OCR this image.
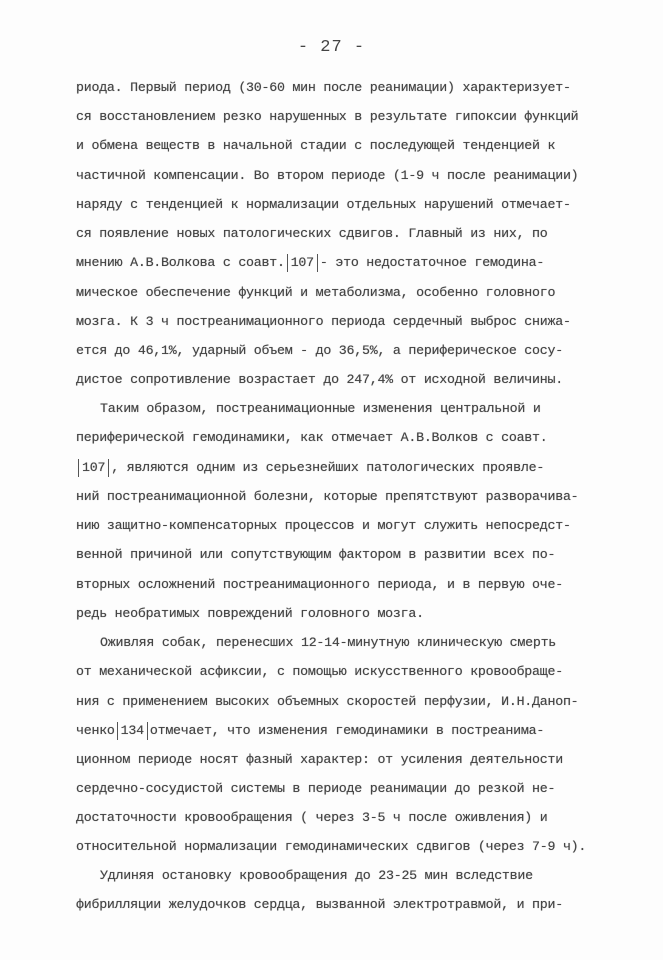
- 27 -
риода. Первый период (30-60 мин после реанимации) характеризует-
ся восстановлением резко нарушенных в результате гипоксии функций
и обмена веществ в начальной стадии с последующей тенденцией к
частичной компенсации. Во втором периоде (1-9 ч после реанимации)
наряду с тенденцией к нормализации отдельных нарушений отмечает-
ся появление новых патологических сдвигов. Главный из них, по
мнению А.В.Волкова с соавт. 107 - это недостаточное гемодина-
мическое обеспечение функций и метаболизма, особенно головного
мозга. К 3 ч постреанимационного периода сердечный выброс снижа-
ется до 46,1%, ударный объем - до 36,5%, а периферическое сосу-
дистое сопротивление возрастает до 247,4% от исходной величины.
Таким образом, постреанимационные изменения центральной и
периферической гемодинамики, как отмечает А.В.Волков с соавт.
107 , являются одним из серьезнейших патологических проявле-
ний постреанимационной болезни, которые препятствуют разворачива-
нию защитно-компенсаторных процессов и могут служить непосредст-
венной причиной или сопутствующим фактором в развитии всех по-
вторных осложнений постреанимационного периода, и в первую оче-
редь необратимых повреждений головного мозга.
Оживляя собак, перенесших 12-14-минутную клиническую смерть
от механической асфиксии, с помощью искусственного кровообраще-
ния с применением высоких объемных скоростей перфузии, И.Н.Даноп-
ченко 134 отмечает, что изменения гемодинамики в постреанима-
ционном периоде носят фазный характер: от усиления деятельности
сердечно-сосудистой системы в периоде реанимации до резкой не-
достаточности кровообращения ( через 3-5 ч после оживления) и
относительной нормализации гемодинамических сдвигов (через 7-9 ч).
Удлиняя остановку кровообращения до 23-25 мин вследствие
фибрилляции желудочков сердца, вызванной электротравмой, и при-
